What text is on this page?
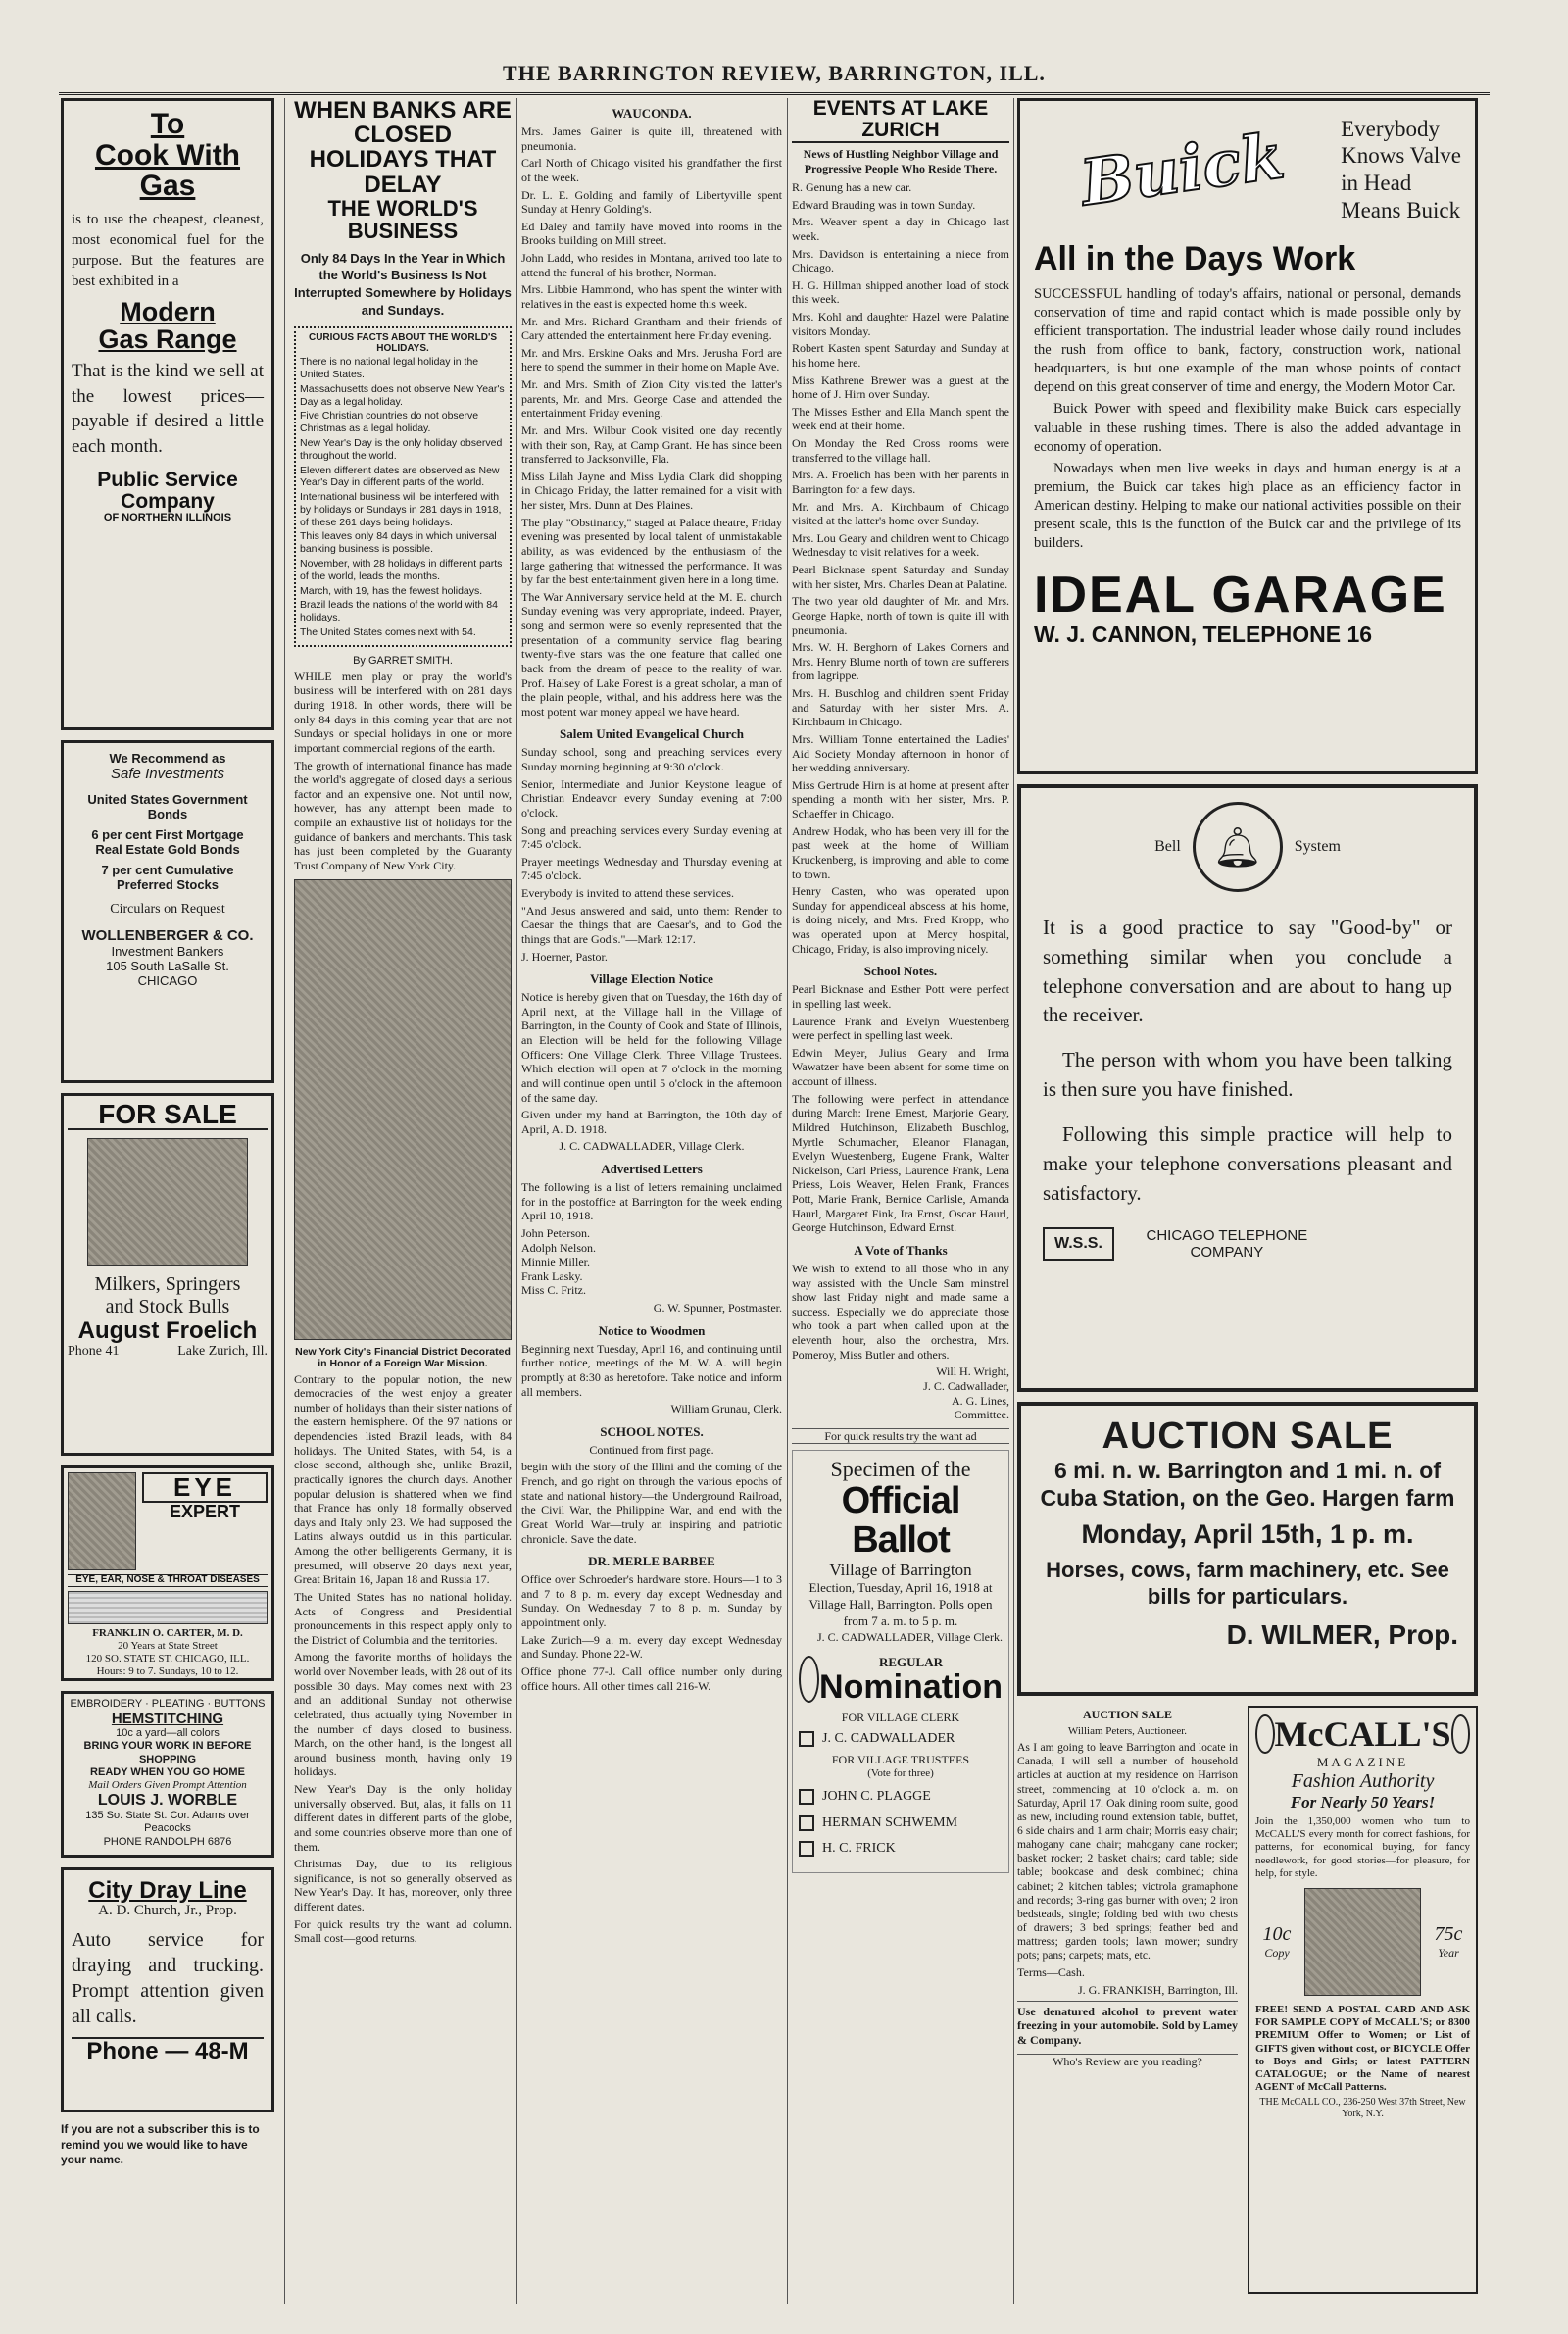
THE BARRINGTON REVIEW, BARRINGTON, ILL.
To
Cook With
Gas

is to use the cheapest, cleanest, most economical fuel for the purpose. But the features are best exhibited in a

Modern
Gas Range

That is the kind we sell at the lowest prices—payable if desired a little each month.

Public Service
Company
OF NORTHERN ILLINOIS
We Recommend as
Safe Investments
United States Government Bonds
6 per cent First Mortgage Real Estate Gold Bonds
7 per cent Cumulative Preferred Stocks
Circulars on Request
WOLLENBERGER & CO.
Investment Bankers
105 South LaSalle St.
CHICAGO
FOR SALE
Milkers, Springers
and Stock Bulls
August Froelich
Phone 41	Lake Zurich, Ill.
EYE
EXPERT
EYE, EAR, NOSE & THROAT DISEASES
FRANKLIN O. CARTER, M. D.
20 Years at State Street
120 SO. STATE ST. CHICAGO, ILL.
Hours: 9 to 7. Sundays, 10 to 12.
EMBROIDERY · PLEATING · BUTTONS
HEMSTITCHING
10c a yard—all colors
BRING YOUR WORK IN BEFORE SHOPPING
READY WHEN YOU GO HOME
Mail Orders Given Prompt Attention
LOUIS J. WORBLE
135 So. State St. Cor. Adams over Peacocks
PHONE RANDOLPH 6876
City Dray Line
A. D. Church, Jr., Prop.

Auto service for draying and trucking. Prompt attention given all calls.

Phone — 48-M
If you are not a subscriber this is to remind you we would like to have your name.
WHEN BANKS ARE CLOSED
HOLIDAYS THAT DELAY
THE WORLD'S BUSINESS
Only 84 Days In the Year in Which the World's Business Is Not Interrupted Somewhere by Holidays and Sundays.
CURIOUS FACTS ABOUT THE WORLD'S HOLIDAYS.

There is no national legal holiday in the United States.

Massachusetts does not observe New Year's Day as a legal holiday.

Five Christian countries do not observe Christmas as a legal holiday.

New Year's Day is the only holiday observed throughout the world.

Eleven different dates are observed as New Year's Day in different parts of the world.

International business will be interfered with by holidays or Sundays in 281 days in 1918, of these 261 days being holidays.

This leaves only 84 days in which universal banking business is possible.

November, with 28 holidays in different parts of the world, leads the months.

March, with 19, has the fewest holidays.

Brazil leads the nations of the world with 84 holidays.

The United States comes next with 54.

By GARRET SMITH.

WHILE men play or pray the world's business will be interfered with on 281 days during 1918. In other words, there will be only 84 days in this coming year that are not Sundays or special holidays in one or more important commercial regions of the earth.

The growth of international finance has made the world's aggregate of closed days a serious factor and an expensive one. Not until now, however, has any attempt been made to compile an exhaustive list of holidays for the guidance of bankers and merchants. This task has just been completed by the Guaranty Trust Company of New York City.

New York City's Financial District Decorated in Honor of a Foreign War Mission.

Contrary to the popular notion, the new democracies of the west enjoy a greater number of holidays than their sister nations of the eastern hemisphere. Of the 97 nations or dependencies listed Brazil leads, with 84 holidays. The United States, with 54, is a close second, although she, unlike Brazil, practically ignores the church days. Another popular delusion is shattered when we find that France has only 18 formally observed days and Italy only 23. We had supposed the Latins always outdid us in this particular. Among the other belligerents Germany, it is presumed, will observe 20 days next year, Great Britain 16, Japan 18 and Russia 17.

The United States has no national holiday. Acts of Congress and Presidential pronouncements in this respect apply only to the District of Columbia and the territories.

Among the favorite months of holidays the world over November leads, with 28 out of its possible 30 days. May comes next with 23 and an additional Sunday not otherwise celebrated, thus actually tying November in the number of days closed to business. March, on the other hand, is the longest all around business month, having only 19 holidays.

New Year's Day is the only holiday universally observed. But, alas, it falls on 11 different dates in different parts of the globe, and some countries observe more than one of them.

Christmas Day, due to its religious significance, is not so generally observed as New Year's Day. It has, moreover, only three different dates.

For quick results try the want ad column. Small cost—good returns.

WAUCONDA.

Mrs. James Gainer is quite ill, threatened with pneumonia.

Carl North of Chicago visited his grandfather the first of the week.

Dr. L. E. Golding and family of Libertyville spent Sunday at Henry Golding's.

Ed Daley and family have moved into rooms in the Brooks building on Mill street.

John Ladd, who resides in Montana, arrived too late to attend the funeral of his brother, Norman.

Mrs. Libbie Hammond, who has spent the winter with relatives in the east is expected home this week.

Mr. and Mrs. Richard Grantham and their friends of Cary attended the entertainment here Friday evening.

Mr. and Mrs. Erskine Oaks and Mrs. Jerusha Ford are here to spend the summer in their home on Maple Ave.

Mr. and Mrs. Smith of Zion City visited the latter's parents, Mr. and Mrs. George Case and attended the entertainment Friday evening.

Mr. and Mrs. Wilbur Cook visited one day recently with their son, Ray, at Camp Grant. He has since been transferred to Jacksonville, Fla.

Miss Lilah Jayne and Miss Lydia Clark did shopping in Chicago Friday, the latter remained for a visit with her sister, Mrs. Dunn at Des Plaines.

The play "Obstinancy," staged at Palace theatre, Friday evening was presented by local talent of unmistakable ability, as was evidenced by the enthusiasm of the large gathering that witnessed the performance. It was by far the best entertainment given here in a long time.

The War Anniversary service held at the M. E. church Sunday evening was very appropriate, indeed. Prayer, song and sermon were so evenly represented that the presentation of a community service flag bearing twenty-five stars was the one feature that called one back from the dream of peace to the reality of war. Prof. Halsey of Lake Forest is a great scholar, a man of the plain people, withal, and his address here was the most potent war money appeal we have heard.

Salem United Evangelical Church

Sunday school, song and preaching services every Sunday morning beginning at 9:30 o'clock.

Senior, Intermediate and Junior Keystone league of Christian Endeavor every Sunday evening at 7:00 o'clock.

Song and preaching services every Sunday evening at 7:45 o'clock.

Prayer meetings Wednesday and Thursday evening at 7:45 o'clock.

Everybody is invited to attend these services.

"And Jesus answered and said, unto them: Render to Caesar the things that are Caesar's, and to God the things that are God's."—Mark 12:17.

J. Hoerner, Pastor.

Village Election Notice

Notice is hereby given that on Tuesday, the 16th day of April next, at the Village hall in the Village of Barrington, in the County of Cook and State of Illinois, an Election will be held for the following Village Officers: One Village Clerk. Three Village Trustees. Which election will open at 7 o'clock in the morning and will continue open until 5 o'clock in the afternoon of the same day.

Given under my hand at Barrington, the 10th day of April, A. D. 1918.

J. C. CADWALLADER, Village Clerk.

Advertised Letters

The following is a list of letters remaining unclaimed for in the postoffice at Barrington for the week ending April 10, 1918.

John Peterson.

Adolph Nelson.

Minnie Miller.

Frank Lasky.

Miss C. Fritz.

G. W. Spunner, Postmaster.

Notice to Woodmen

Beginning next Tuesday, April 16, and continuing until further notice, meetings of the M. W. A. will begin promptly at 8:30 as heretofore. Take notice and inform all members.

William Grunau, Clerk.

SCHOOL NOTES.

Continued from first page.

begin with the story of the Illini and the coming of the French, and go right on through the various epochs of state and national history—the Underground Railroad, the Civil War, the Philippine War, and end with the Great World War—truly an inspiring and patriotic chronicle. Save the date.

DR. MERLE BARBEE

Office over Schroeder's hardware store. Hours—1 to 3 and 7 to 8 p. m. every day except Wednesday and Sunday. On Wednesday 7 to 8 p. m. Sunday by appointment only.

Lake Zurich—9 a. m. every day except Wednesday and Sunday. Phone 22-W.

Office phone 77-J. Call office number only during office hours. All other times call 216-W.

EVENTS AT LAKE ZURICH
News of Hustling Neighbor Village and Progressive People Who Reside There.

R. Genung has a new car.

Edward Brauding was in town Sunday.

Mrs. Weaver spent a day in Chicago last week.

Mrs. Davidson is entertaining a niece from Chicago.

H. G. Hillman shipped another load of stock this week.

Mrs. Kohl and daughter Hazel were Palatine visitors Monday.

Robert Kasten spent Saturday and Sunday at his home here.

Miss Kathrene Brewer was a guest at the home of J. Hirn over Sunday.

The Misses Esther and Ella Manch spent the week end at their home.

On Monday the Red Cross rooms were transferred to the village hall.

Mrs. A. Froelich has been with her parents in Barrington for a few days.

Mr. and Mrs. A. Kirchbaum of Chicago visited at the latter's home over Sunday.

Mrs. Lou Geary and children went to Chicago Wednesday to visit relatives for a week.

Pearl Bicknase spent Saturday and Sunday with her sister, Mrs. Charles Dean at Palatine.

The two year old daughter of Mr. and Mrs. George Hapke, north of town is quite ill with pneumonia.

Mrs. W. H. Berghorn of Lakes Corners and Mrs. Henry Blume north of town are sufferers from lagrippe.

Mrs. H. Buschlog and children spent Friday and Saturday with her sister Mrs. A. Kirchbaum in Chicago.

Mrs. William Tonne entertained the Ladies' Aid Society Monday afternoon in honor of her wedding anniversary.

Miss Gertrude Hirn is at home at present after spending a month with her sister, Mrs. P. Schaeffer in Chicago.

Andrew Hodak, who has been very ill for the past week at the home of William Kruckenberg, is improving and able to come to town.

Henry Casten, who was operated upon Sunday for appendiceal abscess at his home, is doing nicely, and Mrs. Fred Kropp, who was operated upon at Mercy hospital, Chicago, Friday, is also improving nicely.

School Notes.

Pearl Bicknase and Esther Pott were perfect in spelling last week.

Laurence Frank and Evelyn Wuestenberg were perfect in spelling last week.

Edwin Meyer, Julius Geary and Irma Wawatzer have been absent for some time on account of illness.

The following were perfect in attendance during March: Irene Ernest, Marjorie Geary, Mildred Hutchinson, Elizabeth Buschlog, Myrtle Schumacher, Eleanor Flanagan, Evelyn Wuestenberg, Eugene Frank, Walter Nickelson, Carl Priess, Laurence Frank, Lena Priess, Lois Weaver, Helen Frank, Frances Pott, Marie Frank, Bernice Carlisle, Amanda Haurl, Margaret Fink, Ira Ernst, Oscar Haurl, George Hutchinson, Edward Ernst.

A Vote of Thanks

We wish to extend to all those who in any way assisted with the Uncle Sam minstrel show last Friday night and made same a success. Especially we do appreciate those who took a part when called upon at the eleventh hour, also the orchestra, Mrs. Pomeroy, Miss Butler and others.

Will H. Wright,

J. C. Cadwallader,

A. G. Lines,

Committee.

For quick results try the want ad

Specimen of the
Official Ballot
Village of Barrington
Election, Tuesday, April 16, 1918 at Village Hall, Barrington. Polls open from 7 a. m. to 5 p. m.
J. C. CADWALLADER, Village Clerk.
REGULAR
Nomination
FOR VILLAGE CLERK
J. C. CADWALLADER
FOR VILLAGE TRUSTEES
(Vote for three)
JOHN C. PLAGGE
HERMAN SCHWEMM
H. C. FRICK
Buick	Everybody
Knows Valve
in Head
Means Buick
All in the Days Work

SUCCESSFUL handling of today's affairs, national or personal, demands conservation of time and rapid contact which is made possible only by efficient transportation. The industrial leader whose daily round includes the rush from office to bank, factory, construction work, national headquarters, is but one example of the man whose points of contact depend on this great conserver of time and energy, the Modern Motor Car.

Buick Power with speed and flexibility make Buick cars especially valuable in these rushing times. There is also the added advantage in economy of operation.

Nowadays when men live weeks in days and human energy is at a premium, the Buick car takes high place as an efficiency factor in American destiny. Helping to make our national activities possible on their present scale, this is the function of the Buick car and the privilege of its builders.

IDEAL GARAGE
W. J. CANNON, TELEPHONE 16
Bell 🔔︎	System

It is a good practice to say "Good-by" or something similar when you conclude a telephone conversation and are about to hang up the receiver.

The person with whom you have been talking is then sure you have finished.

Following this simple practice will help to make your telephone conversations pleasant and satisfactory.

W.S.S.	CHICAGO TELEPHONE COMPANY
AUCTION SALE
6 mi. n. w. Barrington and 1 mi. n. of Cuba Station, on the Geo. Hargen farm
Monday, April 15th, 1 p. m.
Horses, cows, farm machinery, etc. See bills for particulars.
D. WILMER, Prop.
AUCTION SALE
William Peters, Auctioneer.

As I am going to leave Barrington and locate in Canada, I will sell a number of household articles at auction at my residence on Harrison street, commencing at 10 o'clock a. m. on Saturday, April 17. Oak dining room suite, good as new, including round extension table, buffet, 6 side chairs and 1 arm chair; Morris easy chair; mahogany cane chair; mahogany cane rocker; basket rocker; 2 basket chairs; card table; side table; bookcase and desk combined; china cabinet; 2 kitchen tables; victrola gramaphone and records; 3-ring gas burner with oven; 2 iron bedsteads, single; folding bed with two chests of drawers; 3 bed springs; feather bed and mattress; garden tools; lawn mower; sundry pots; pans; carpets; mats, etc.

Terms—Cash.

J. G. FRANKISH, Barrington, Ill.

Use denatured alcohol to prevent water freezing in your automobile. Sold by Lamey & Company.

Who's Review are you reading?

McCALL'S
MAGAZINE
Fashion Authority
For Nearly 50 Years!

Join the 1,350,000 women who turn to McCALL'S every month for correct fashions, for patterns, for economical buying, for fancy needlework, for good stories—for pleasure, for help, for style.

10c
Copy
75c
Year

FREE! SEND A POSTAL CARD AND ASK FOR SAMPLE COPY of McCALL'S; or 8300 PREMIUM Offer to Women; or List of GIFTS given without cost, or BICYCLE Offer to Boys and Girls; or latest PATTERN CATALOGUE; or the Name of nearest AGENT of McCall Patterns.

THE McCALL CO., 236-250 West 37th Street, New York, N.Y.
